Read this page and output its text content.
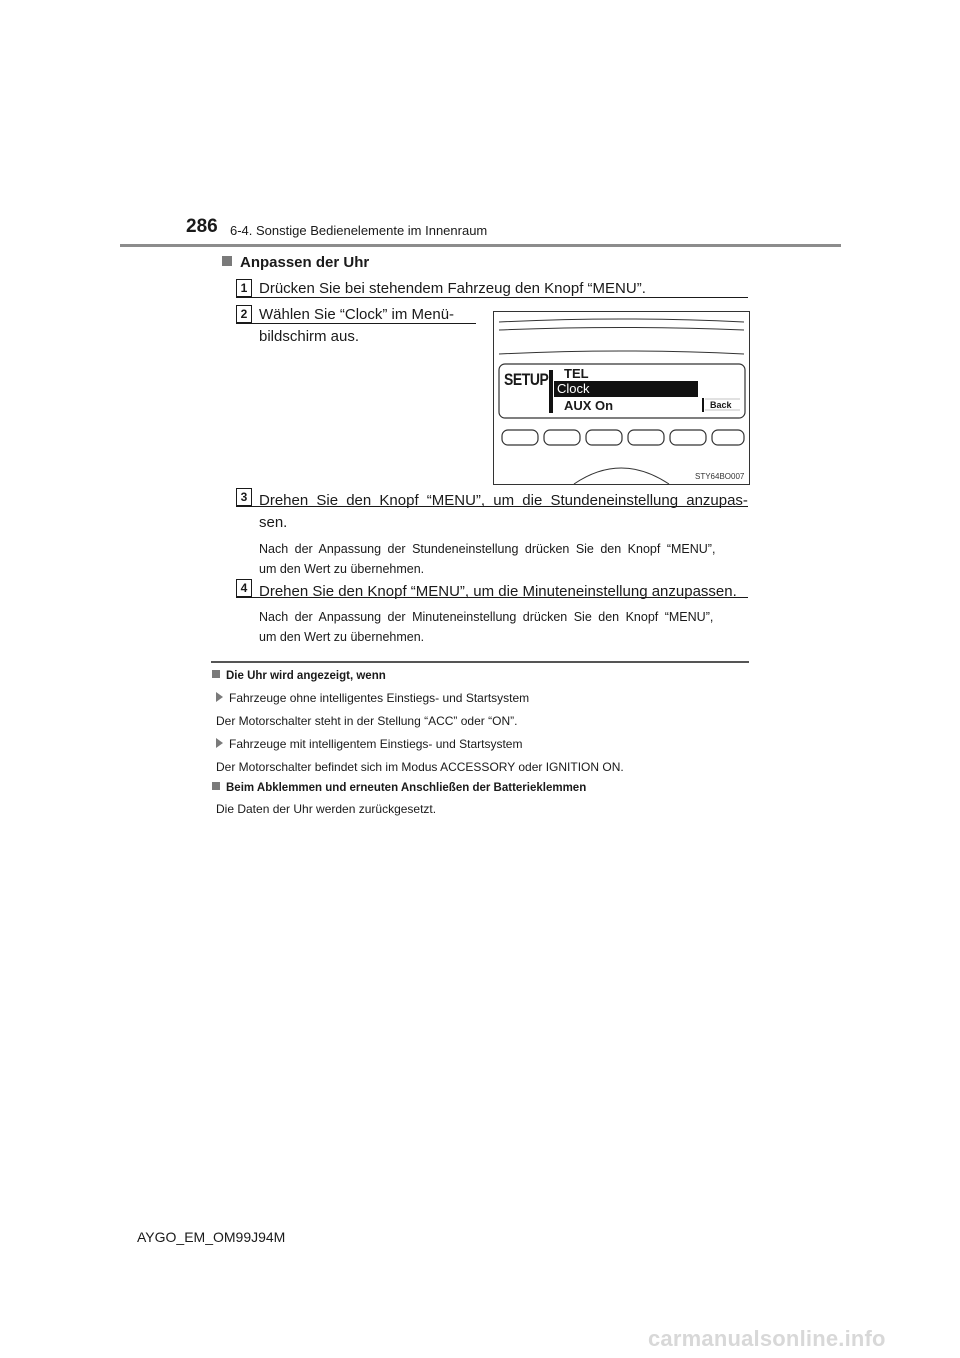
286 6-4. Sonstige Bedienelemente im Innenraum
Anpassen der Uhr
1 Drücken Sie bei stehendem Fahrzeug den Knopf “MENU”.
2 Wählen Sie “Clock” im Menü-
bildschirm aus.
SETUP TEL
Clock
AUX On	Back
STY64BO007
3 Drehen Sie den Knopf “MENU”, um die Stundeneinstellung anzupas-
sen.
Nach der Anpassung der Stundeneinstellung drücken Sie den Knopf “MENU”,
um den Wert zu übernehmen.
4 Drehen Sie den Knopf “MENU”, um die Minuteneinstellung anzupassen.
Nach der Anpassung der Minuteneinstellung drücken Sie den Knopf “MENU”,
um den Wert zu übernehmen.
Die Uhr wird angezeigt, wenn
Fahrzeuge ohne intelligentes Einstiegs- und Startsystem
Der Motorschalter steht in der Stellung “ACC” oder “ON”.
Fahrzeuge mit intelligentem Einstiegs- und Startsystem
Der Motorschalter befindet sich im Modus ACCESSORY oder IGNITION ON.
Beim Abklemmen und erneuten Anschließen der Batterieklemmen
Die Daten der Uhr werden zurückgesetzt.
AYGO_EM_OM99J94M
carmanualsonline.info
